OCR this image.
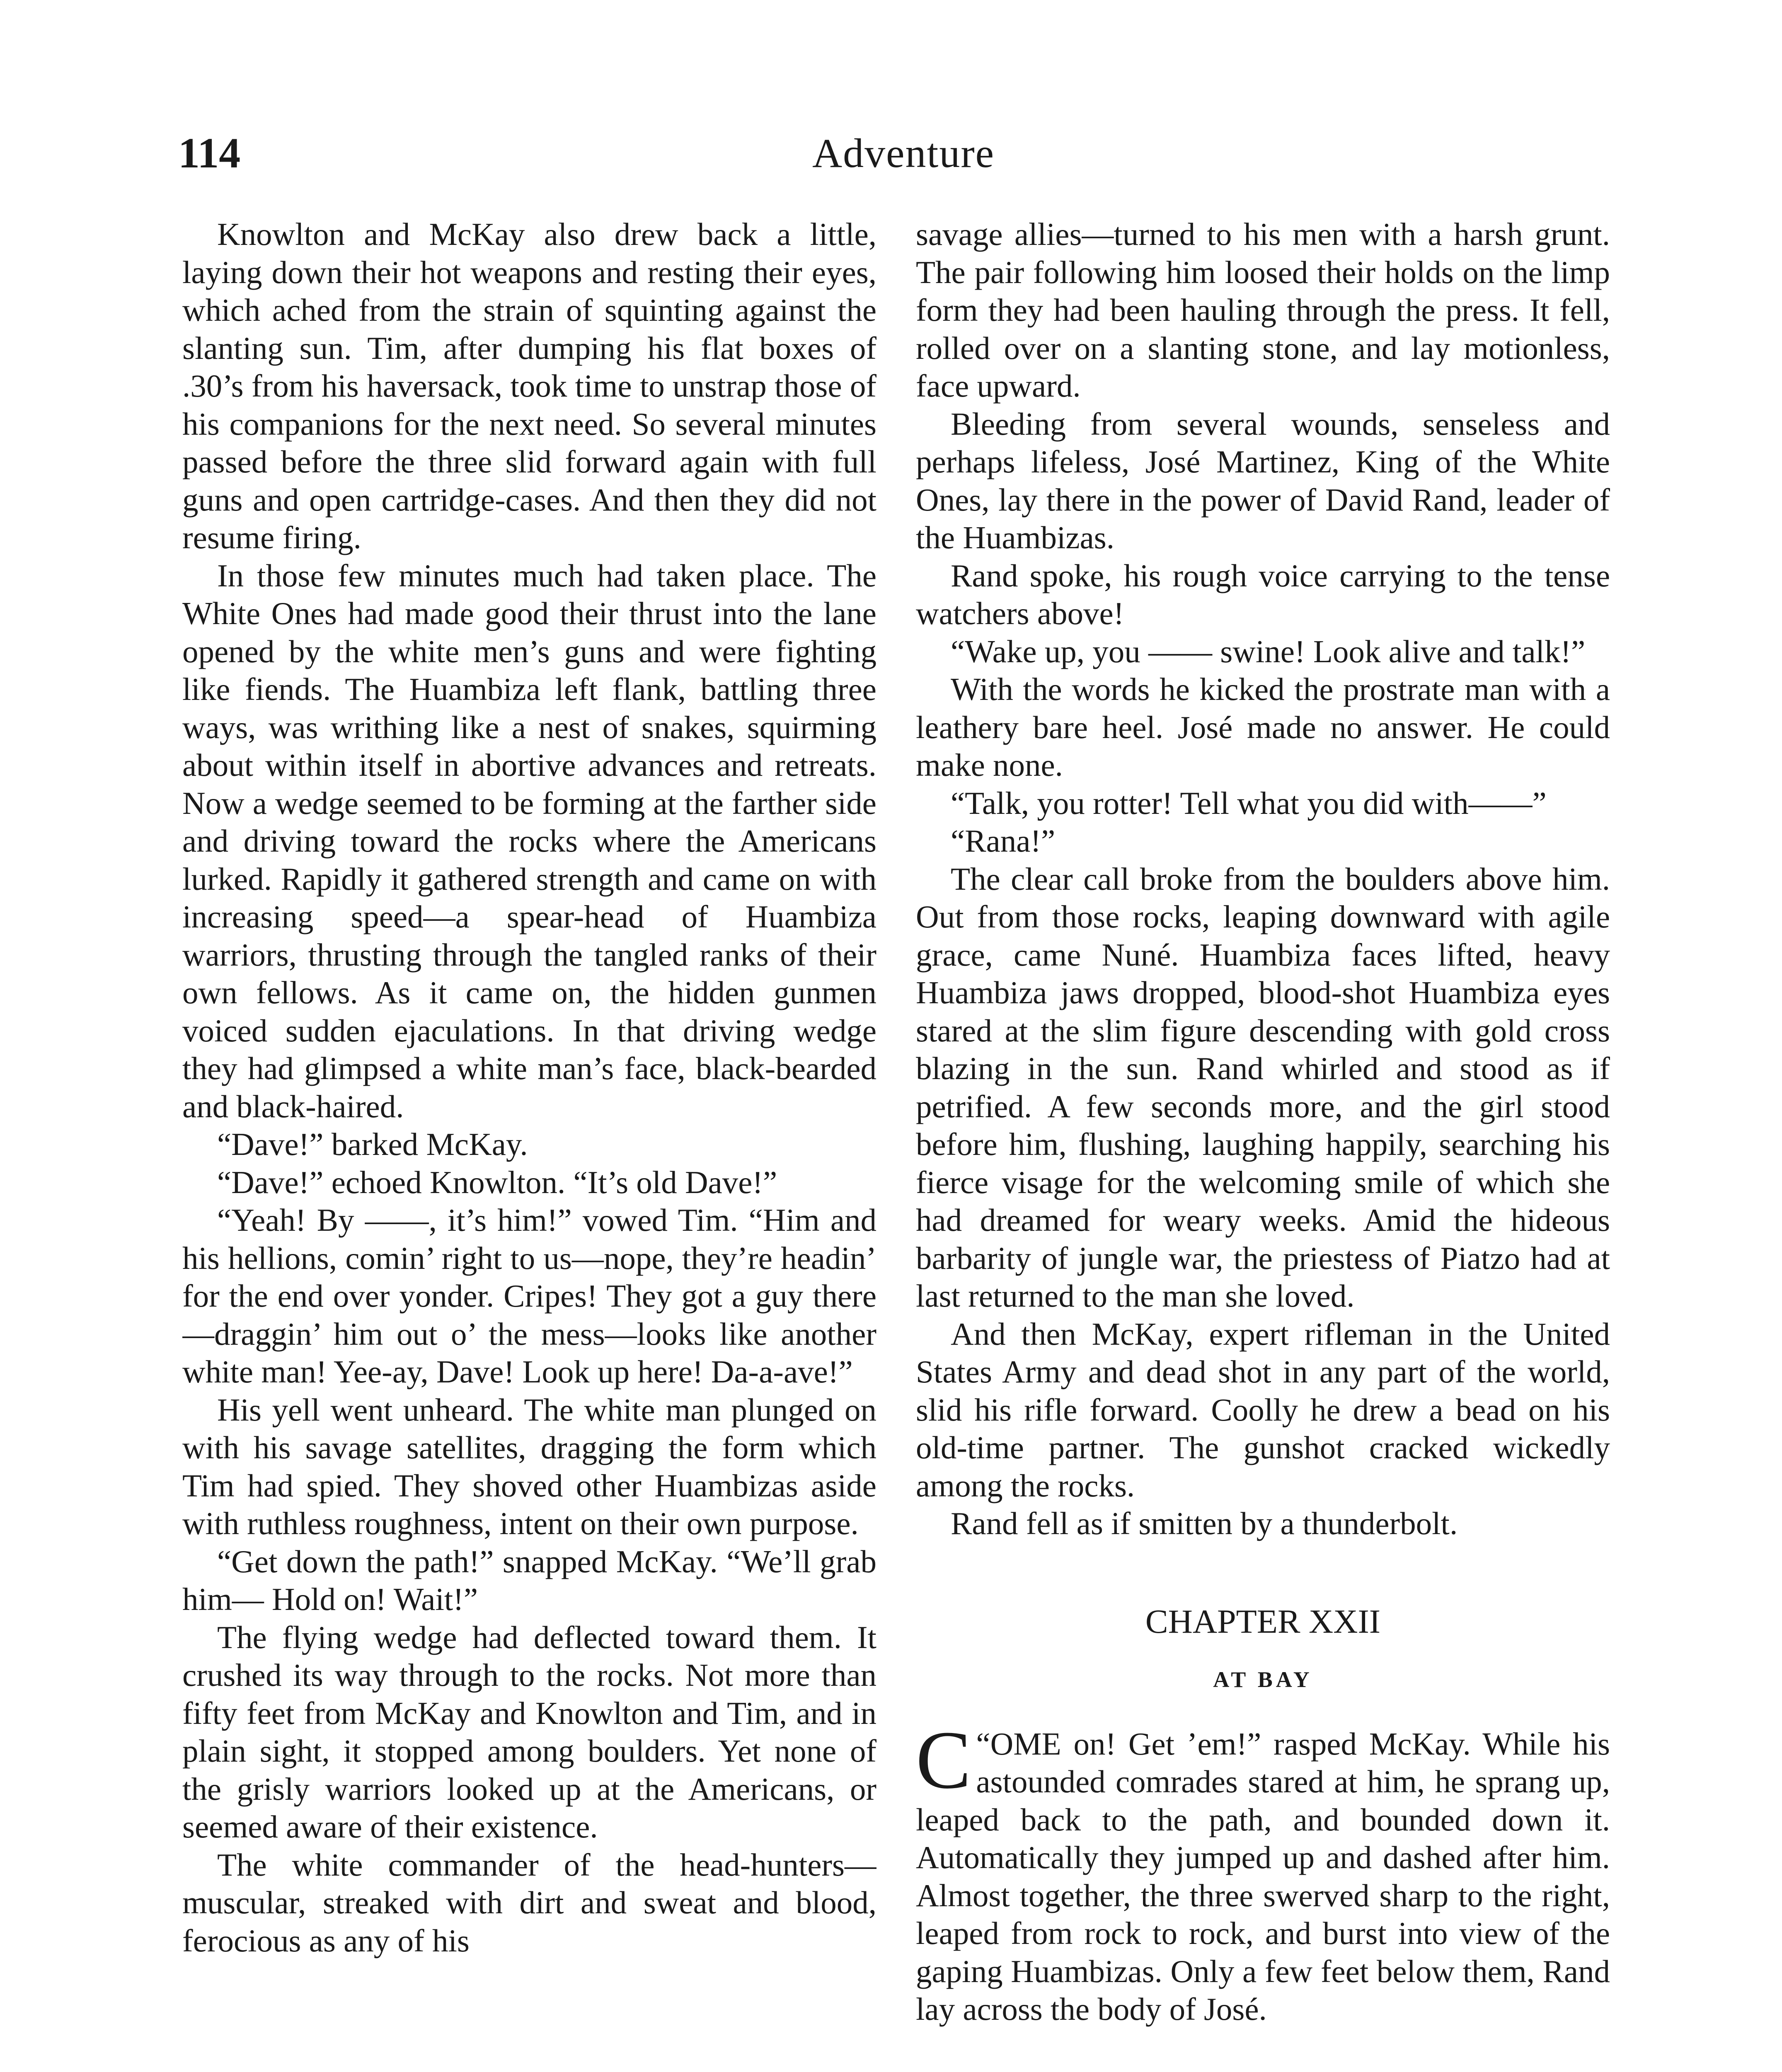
114	Adventure

Knowlton and McKay also drew back a little, laying down their hot weapons and resting their eyes, which ached from the strain of squinting against the slanting sun. Tim, after dumping his flat boxes of .30’s from his haversack, took time to unstrap those of his companions for the next need. So several minutes passed before the three slid forward again with full guns and open cartridge-cases. And then they did not resume firing.

In those few minutes much had taken place. The White Ones had made good their thrust into the lane opened by the white men’s guns and were fighting like fiends. The Huambiza left flank, battling three ways, was writhing like a nest of snakes, squirming about within itself in abortive advances and retreats. Now a wedge seemed to be forming at the farther side and driving toward the rocks where the Americans lurked. Rapidly it gathered strength and came on with increasing speed—a spear-head of Huambiza warriors, thrusting through the tangled ranks of their own fellows. As it came on, the hidden gunmen voiced sudden ejaculations. In that driving wedge they had glimpsed a white man’s face, black-bearded and black-haired.

“Dave!” barked McKay.

“Dave!” echoed Knowlton. “It’s old Dave!”

“Yeah! By ——, it’s him!” vowed Tim. “Him and his hellions, comin’ right to us—nope, they’re headin’ for the end over yonder. Cripes! They got a guy there—draggin’ him out o’ the mess—looks like another white man! Yee-ay, Dave! Look up here! Da-a-ave!”

His yell went unheard. The white man plunged on with his savage satellites, dragging the form which Tim had spied. They shoved other Huambizas aside with ruthless roughness, intent on their own purpose.

“Get down the path!” snapped McKay. “We’ll grab him— Hold on! Wait!”

The flying wedge had deflected toward them. It crushed its way through to the rocks. Not more than fifty feet from McKay and Knowlton and Tim, and in plain sight, it stopped among boulders. Yet none of the grisly warriors looked up at the Americans, or seemed aware of their existence.

The white commander of the head-hunters—muscular, streaked with dirt and sweat and blood, ferocious as any of his

savage allies—turned to his men with a harsh grunt. The pair following him loosed their holds on the limp form they had been hauling through the press. It fell, rolled over on a slanting stone, and lay motionless, face upward.

Bleeding from several wounds, senseless and perhaps lifeless, José Martinez, King of the White Ones, lay there in the power of David Rand, leader of the Huambizas.

Rand spoke, his rough voice carrying to the tense watchers above!

“Wake up, you —— swine! Look alive and talk!”

With the words he kicked the prostrate man with a leathery bare heel. José made no answer. He could make none.

“Talk, you rotter! Tell what you did with——”

“Rana!”

The clear call broke from the boulders above him. Out from those rocks, leaping downward with agile grace, came Nuné. Huambiza faces lifted, heavy Huambiza jaws dropped, blood-shot Huambiza eyes stared at the slim figure descending with gold cross blazing in the sun. Rand whirled and stood as if petrified. A few seconds more, and the girl stood before him, flushing, laughing happily, searching his fierce visage for the welcoming smile of which she had dreamed for weary weeks. Amid the hideous barbarity of jungle war, the priestess of Piatzo had at last returned to the man she loved.

And then McKay, expert rifleman in the United States Army and dead shot in any part of the world, slid his rifle forward. Coolly he drew a bead on his old-time partner. The gunshot cracked wickedly among the rocks.

Rand fell as if smitten by a thunderbolt.

CHAPTER XXII
AT BAY

“
C OME on! Get ’em!” rasped McKay. While his astounded comrades stared at him, he sprang up, leaped back to the path, and bounded down it. Automatically they jumped up and dashed after him. Almost together, the three swerved sharp to the right, leaped from rock to rock, and burst into view of the gaping Huambizas. Only a few feet below them, Rand lay across the body of José.
